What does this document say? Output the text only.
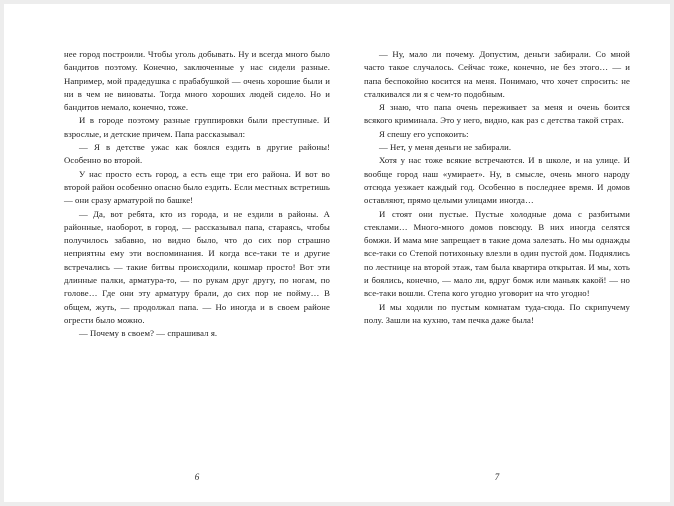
нее город построили. Чтобы уголь добывать. Ну и всегда много было бандитов поэтому. Конечно, заключенные у нас сидели разные. Например, мой прадедушка с прабабушкой — очень хорошие были и ни в чем не виноваты. Тогда много хороших людей сидело. Но и бандитов немало, конечно, тоже.

И в городе поэтому разные группировки были преступные. И взрослые, и детские причем. Папа рассказывал:

— Я в детстве ужас как боялся ездить в другие районы! Особенно во второй.

У нас просто есть город, а есть еще три его района. И вот во второй район особенно опасно было ездить. Если местных встретишь — они сразу арматурой по башке!

— Да, вот ребята, кто из города, и не ездили в районы. А районные, наоборот, в город, — рассказывал папа, стараясь, чтобы получилось забавно, но видно было, что до сих пор страшно неприятны ему эти воспоминания. И когда все-таки те и другие встречались — такие битвы происходили, кошмар просто! Вот эти длинные палки, арматура-то, — по рукам друг другу, по ногам, по голове… Где они эту арматуру брали, до сих пор не пойму… В общем, жуть, — продолжал папа. — Но иногда и в своем районе огрести было можно.

— Почему в своем? — спрашивал я.

— Ну, мало ли почему. Допустим, деньги забирали. Со мной часто такое случалось. Сейчас тоже, конечно, не без этого… — и папа беспокойно косится на меня. Понимаю, что хочет спросить: не сталкивался ли я с чем-то подобным.

Я знаю, что папа очень переживает за меня и очень боится всякого криминала. Это у него, видно, как раз с детства такой страх.

Я спешу его успокоить:

— Нет, у меня деньги не забирали.

Хотя у нас тоже всякие встречаются. И в школе, и на улице. И вообще город наш «умирает». Ну, в смысле, очень много народу отсюда уезжает каждый год. Особенно в последнее время. И домов оставляют, прямо целыми улицами иногда…

И стоят они пустые. Пустые холодные дома с разбитыми стеклами… Много-много домов повсюду. В них иногда селятся бомжи. И мама мне запрещает в такие дома залезать. Но мы однажды все-таки со Степой потихоньку влезли в один пустой дом. Поднялись по лестнице на второй этаж, там была квартира открытая. И мы, хоть и боялись, конечно, — мало ли, вдруг бомж или маньяк какой! — но все-таки вошли. Степа кого угодно уговорит на что угодно!

И мы ходили по пустым комнатам туда-сюда. По скрипучему полу. Зашли на кухню, там печка даже была!

6	7
